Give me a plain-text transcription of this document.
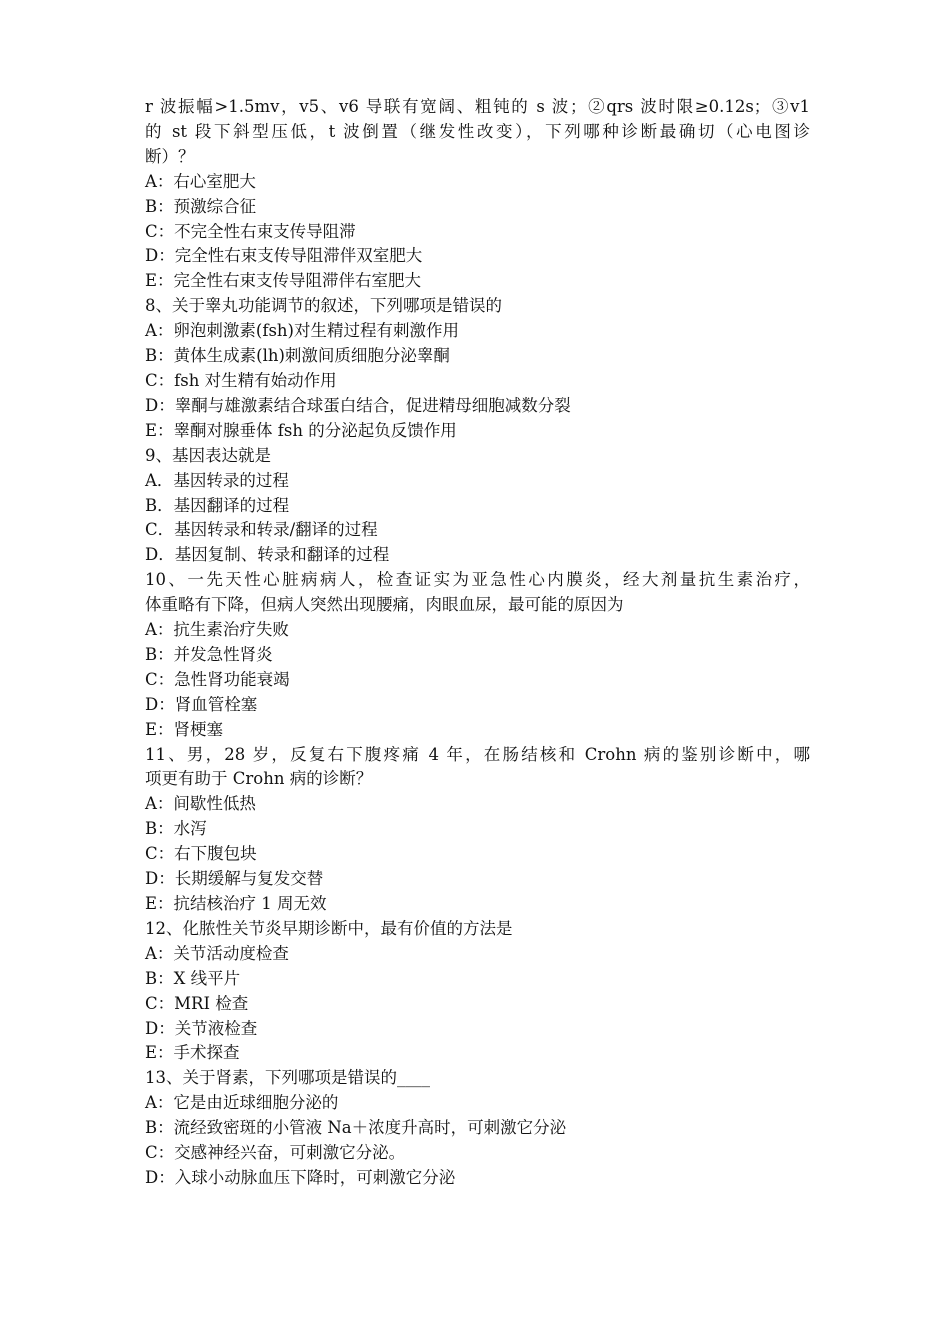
r 波振幅>1.5mv，v5、v6 导联有宽阔、粗钝的 s 波；②qrs 波时限≥0.12s；③v1
的 st 段下斜型压低，t 波倒置（继发性改变），下列哪种诊断最确切（心电图诊
断）？
A：右心室肥大
B：预激综合征
C：不完全性右束支传导阻滞
D：完全性右束支传导阻滞伴双室肥大
E：完全性右束支传导阻滞伴右室肥大
8、关于睾丸功能调节的叙述，下列哪项是错误的
A：卵泡刺激素(fsh)对生精过程有刺激作用
B：黄体生成素(lh)刺激间质细胞分泌睾酮
C：fsh 对生精有始动作用
D：睾酮与雄激素结合球蛋白结合，促进精母细胞减数分裂
E：睾酮对腺垂体 fsh 的分泌起负反馈作用
9、基因表达就是
A．基因转录的过程
B．基因翻译的过程
C．基因转录和转录/翻译的过程
D．基因复制、转录和翻译的过程
10、一先天性心脏病病人，检查证实为亚急性心内膜炎，经大剂量抗生素治疗，
体重略有下降，但病人突然出现腰痛，肉眼血尿，最可能的原因为
A：抗生素治疗失败
B：并发急性肾炎
C：急性肾功能衰竭
D：肾血管栓塞
E：肾梗塞
11、男，28 岁，反复右下腹疼痛 4 年，在肠结核和 Crohn 病的鉴别诊断中，哪
项更有助于 Crohn 病的诊断？
A：间歇性低热
B：水泻
C：右下腹包块
D：长期缓解与复发交替
E：抗结核治疗 1 周无效
12、化脓性关节炎早期诊断中，最有价值的方法是
A：关节活动度检查
B：X 线平片
C：MRI 检查
D：关节液检查
E：手术探查
13、关于肾素，下列哪项是错误的____
A：它是由近球细胞分泌的
B：流经致密斑的小管液 Na＋浓度升高时，可刺激它分泌
C：交感神经兴奋，可刺激它分泌。
D：入球小动脉血压下降时，可刺激它分泌
